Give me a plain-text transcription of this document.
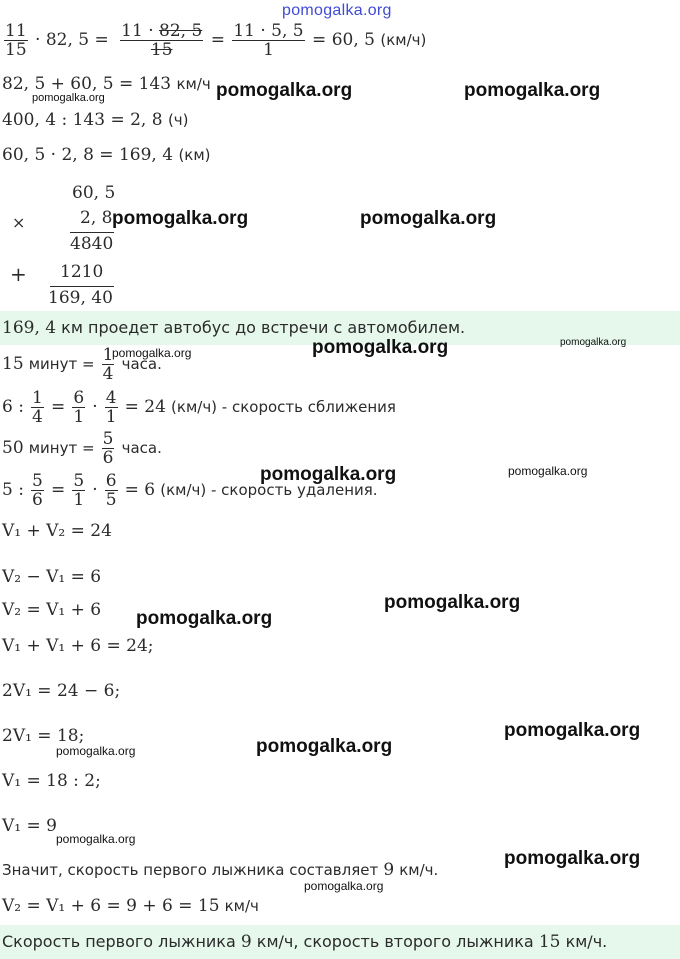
pomogalka.org
$\frac{11}{15} \cdot 82$, $5 = \frac{11 \cdot 82, 5}{15} = \frac{11 \cdot 5, 5}{1} = 60$, 5 (км/ч)
82, 5 + 60, 5 = 143 км/ч pomogalka.org	pomogalka.org
pomogalka.org
400, 4 : 143 = 2, 8 (ч)
60, 5 · 2, 8 = 169, 4 (км)
60, 5
×	2, 8
4840
+ 1210
169, 40
pomogalka.org	pomogalka.org
169, 4 км проедет автобус до встречи с автомобилем.
15 минут = $\frac{1}{4}$ часа.
pomogalka.org	pomogalka.org	pomogalka.org
6 : $\frac{1}{4} = \frac{6}{1} \cdot \frac{4}{1} = 24$ (км/ч) - скорость сближения
50 минут = $\frac{5}{6}$ часа.
pomogalka.org	pomogalka.org
5 : $\frac{5}{6} = \frac{5}{1} \cdot \frac{6}{5} = 6$ (км/ч) - скорость удаления.
V₁ + V₂ = 24
V₂ − V₁ = 6
V₂ = V₁ + 6 pomogalka.org
pomogalka.org
V₁ + V₁ + 6 = 24;
2V₁ = 24 − 6;
2V₁ = 18;
pomogalka.org	pomogalka.org
pomogalka.org
V₁ = 18 : 2;
V₁ = 9
pomogalka.org
pomogalka.org
Значит, скорость первого лыжника составляет 9 км/ч.
pomogalka.org
V₂ = V₁ + 6 = 9 + 6 = 15 км/ч
Скорость первого лыжника 9 км/ч, скорость второго лыжника 15 км/ч.
